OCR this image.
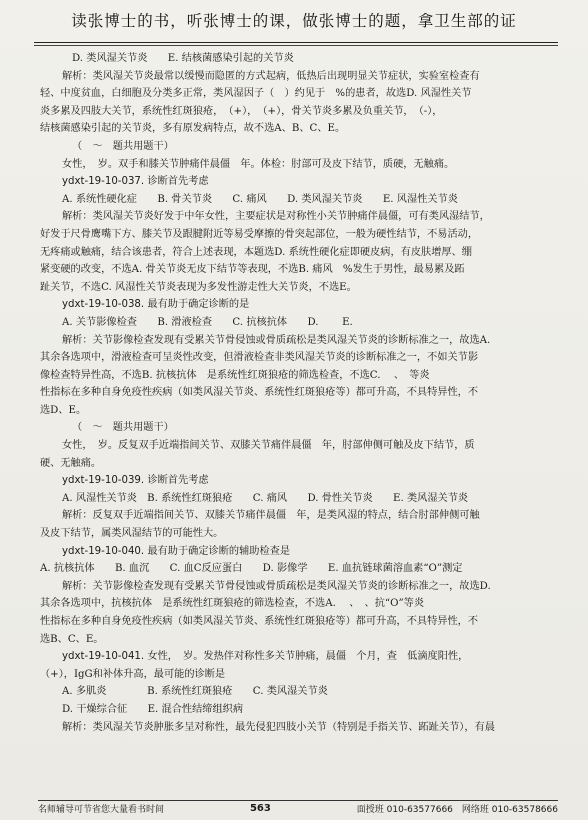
读张博士的书，听张博士的课，做张博士的题，拿卫生部的证

D. 类风湿关节炎　　E. 结核菌感染引起的关节炎

解析：类风湿关节炎最常以缓慢而隐匿的方式起病，低热后出现明显关节症状，实验室检查有

轻、中度贫血，白细胞及分类多正常，类风湿因子（　）约见于　%的患者，故选D. 风湿性关节

炎多累及四肢大关节，系统性红斑狼疮，　（+），　（+），骨关节炎多累及负重关节，　（-），

结核菌感染引起的关节炎，多有原发病特点，故不选A、B、C、E。

（　～　题共用题干）

女性，　岁。双手和膝关节肿痛伴晨僵　年。体检：肘部可及皮下结节，质硬，无触痛。

ydxt-19-10-037. 诊断首先考虑

A. 系统性硬化症　　B. 骨关节炎　　C. 痛风　　D. 类风湿关节炎　　E. 风湿性关节炎

解析：类风湿关节炎好发于中年女性，主要症状是对称性小关节肿痛伴晨僵，可有类风湿结节，

好发于尺骨鹰嘴下方、膝关节及跟腱附近等易受摩擦的骨突起部位，一般为硬性结节，不易活动，

无疼痛或触痛，结合该患者，符合上述表现，本题选D. 系统性硬化症即硬皮病，有皮肤增厚、绷

紧变硬的改变，不选A. 骨关节炎无皮下结节等表现，不选B. 痛风　%发生于男性，最易累及跖

趾关节，不选C. 风湿性关节炎表现为多发性游走性大关节炎，不选E。

ydxt-19-10-038. 最有助于确定诊断的是

A. 关节影像检查　　B. 滑液检查　　C. 抗核抗体　　D. 　　E. 　

解析：关节影像检查发现有受累关节骨侵蚀或骨质疏松是类风湿关节炎的诊断标准之一，故选A.

其余各选项中，滑液检查可呈炎性改变，但滑液检查非类风湿关节炎的诊断标准之一，不如关节影

像检查特异性高，不选B. 抗核抗体　是系统性红斑狼疮的筛选检查，不选C. 　、　等炎

性指标在多种自身免疫性疾病（如类风湿关节炎、系统性红斑狼疮等）都可升高，不具特异性，不

选D、E。

（　～　题共用题干）

女性，　岁。反复双手近端指间关节、双膝关节痛伴晨僵　年，肘部伸侧可触及皮下结节，质

硬、无触痛。

ydxt-19-10-039. 诊断首先考虑

A. 风湿性关节炎　B. 系统性红斑狼疮　　C. 痛风　　D. 骨性关节炎　　E. 类风湿关节炎

解析：反复双手近端指间关节、双膝关节痛伴晨僵　年，是类风湿的特点，结合肘部伸侧可触

及皮下结节，属类风湿结节的可能性大。

ydxt-19-10-040. 最有助于确定诊断的辅助检查是

A. 抗核抗体　　B. 血沉　　C. 血C反应蛋白　　D. 影像学　　E. 血抗链球菌溶血素“O”测定

解析：关节影像检查发现有受累关节骨侵蚀或骨质疏松是类风湿关节炎的诊断标准之一，故选D.

其余各选项中，抗核抗体　是系统性红斑狼疮的筛选检查，不选A. 　、　、抗“O”等炎

性指标在多种自身免疫性疾病（如类风湿关节炎、系统性红斑狼疮等）都可升高，不具特异性，不

选B、C、E。

ydxt-19-10-041. 女性，　岁。发热伴对称性多关节肿痛，晨僵　个月，查　低滴度阳性，

（+），IgG和补体升高，最可能的诊断是

A. 多肌炎　　　　B. 系统性红斑狼疮　　C. 类风湿关节炎

D. 干燥综合征　　E. 混合性结缔组织病

解析：类风湿关节炎肿胀多呈对称性，最先侵犯四肢小关节（特别是手指关节、跖趾关节），有晨

名师辅导可节省您大量看书时间	563	面授班 010-63577666　网络班 010-63578666
